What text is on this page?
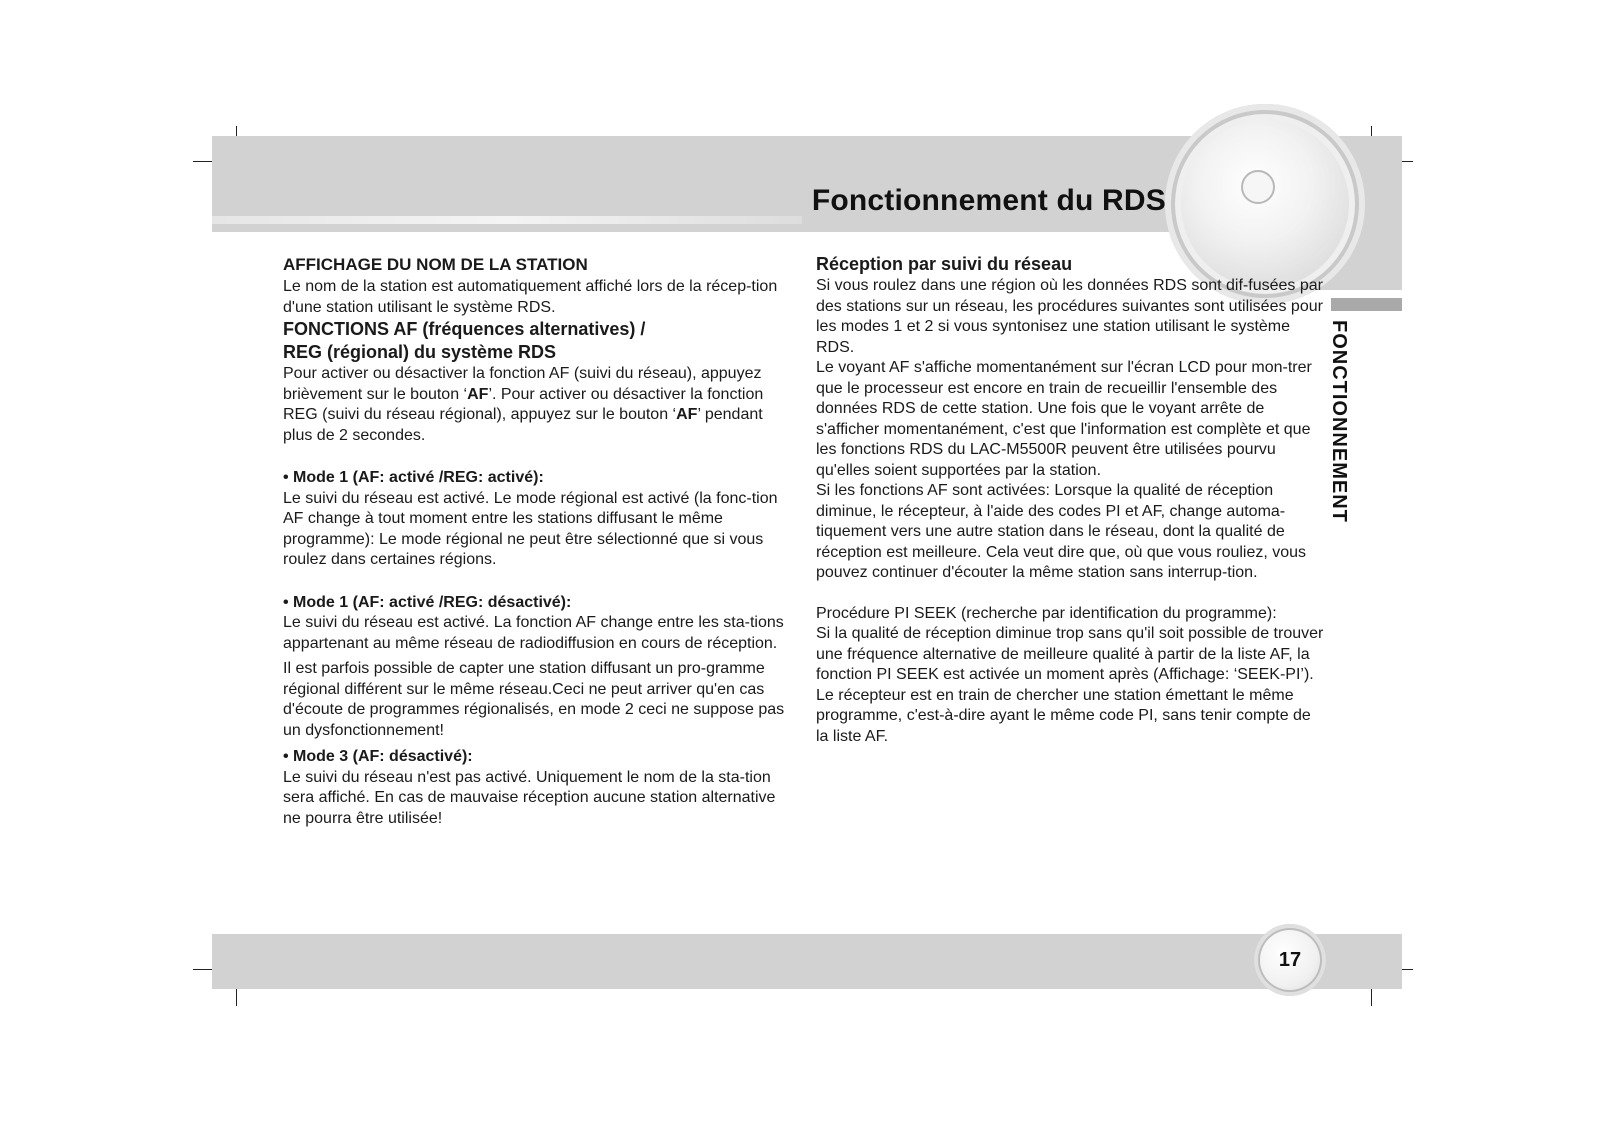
Fonctionnement du RDS
FONCTIONNEMENT

AFFICHAGE DU NOM DE LA STATION

Le nom de la station est automatiquement affiché lors de la récep-tion d'une station utilisant le système RDS.

FONCTIONS AF (fréquences alternatives) /

REG (régional) du système RDS

Pour activer ou désactiver la fonction AF (suivi du réseau), appuyez brièvement sur le bouton ‘AF’. Pour activer ou désactiver la fonction REG (suivi du réseau régional), appuyez sur le bouton ‘AF’ pendant plus de 2 secondes.

• Mode 1 (AF: activé /REG: activé):

Le suivi du réseau est activé. Le mode régional est activé (la fonc-tion AF change à tout moment entre les stations diffusant le même programme): Le mode régional ne peut être sélectionné que si vous roulez dans certaines régions.

• Mode 1 (AF: activé /REG: désactivé):

Le suivi du réseau est activé. La fonction AF change entre les sta-tions appartenant au même réseau de radiodiffusion en cours de réception.

Il est parfois possible de capter une station diffusant un pro-gramme régional différent sur le même réseau.Ceci ne peut arriver qu'en cas d'écoute de programmes régionalisés, en mode 2 ceci ne suppose pas un dysfonctionnement!

• Mode 3 (AF: désactivé):

Le suivi du réseau n'est pas activé. Uniquement le nom de la sta-tion sera affiché. En cas de mauvaise réception aucune station alternative ne pourra être utilisée!

Réception par suivi du réseau

Si vous roulez dans une région où les données RDS sont dif-fusées par des stations sur un réseau, les procédures suivantes sont utilisées pour les modes 1 et 2 si vous syntonisez une station utilisant le système RDS.

Le voyant AF s'affiche momentanément sur l'écran LCD pour mon-trer que le processeur est encore en train de recueillir l'ensemble des données RDS de cette station. Une fois que le voyant arrête de s'afficher momentanément, c'est que l'information est complète et que les fonctions RDS du LAC-M5500R peuvent être utilisées pourvu qu'elles soient supportées par la station.

Si les fonctions AF sont activées: Lorsque la qualité de réception diminue, le récepteur, à l'aide des codes PI et AF, change automa-tiquement vers une autre station dans le réseau, dont la qualité de réception est meilleure. Cela veut dire que, où que vous rouliez, vous pouvez continuer d'écouter la même station sans interrup-tion.

Procédure PI SEEK (recherche par identification du programme):

Si la qualité de réception diminue trop sans qu'il soit possible de trouver une fréquence alternative de meilleure qualité à partir de la liste AF, la fonction PI SEEK est activée un moment après (Affichage: ‘SEEK-PI’). Le récepteur est en train de chercher une station émettant le même programme, c'est-à-dire ayant le même code PI, sans tenir compte de la liste AF.

17
